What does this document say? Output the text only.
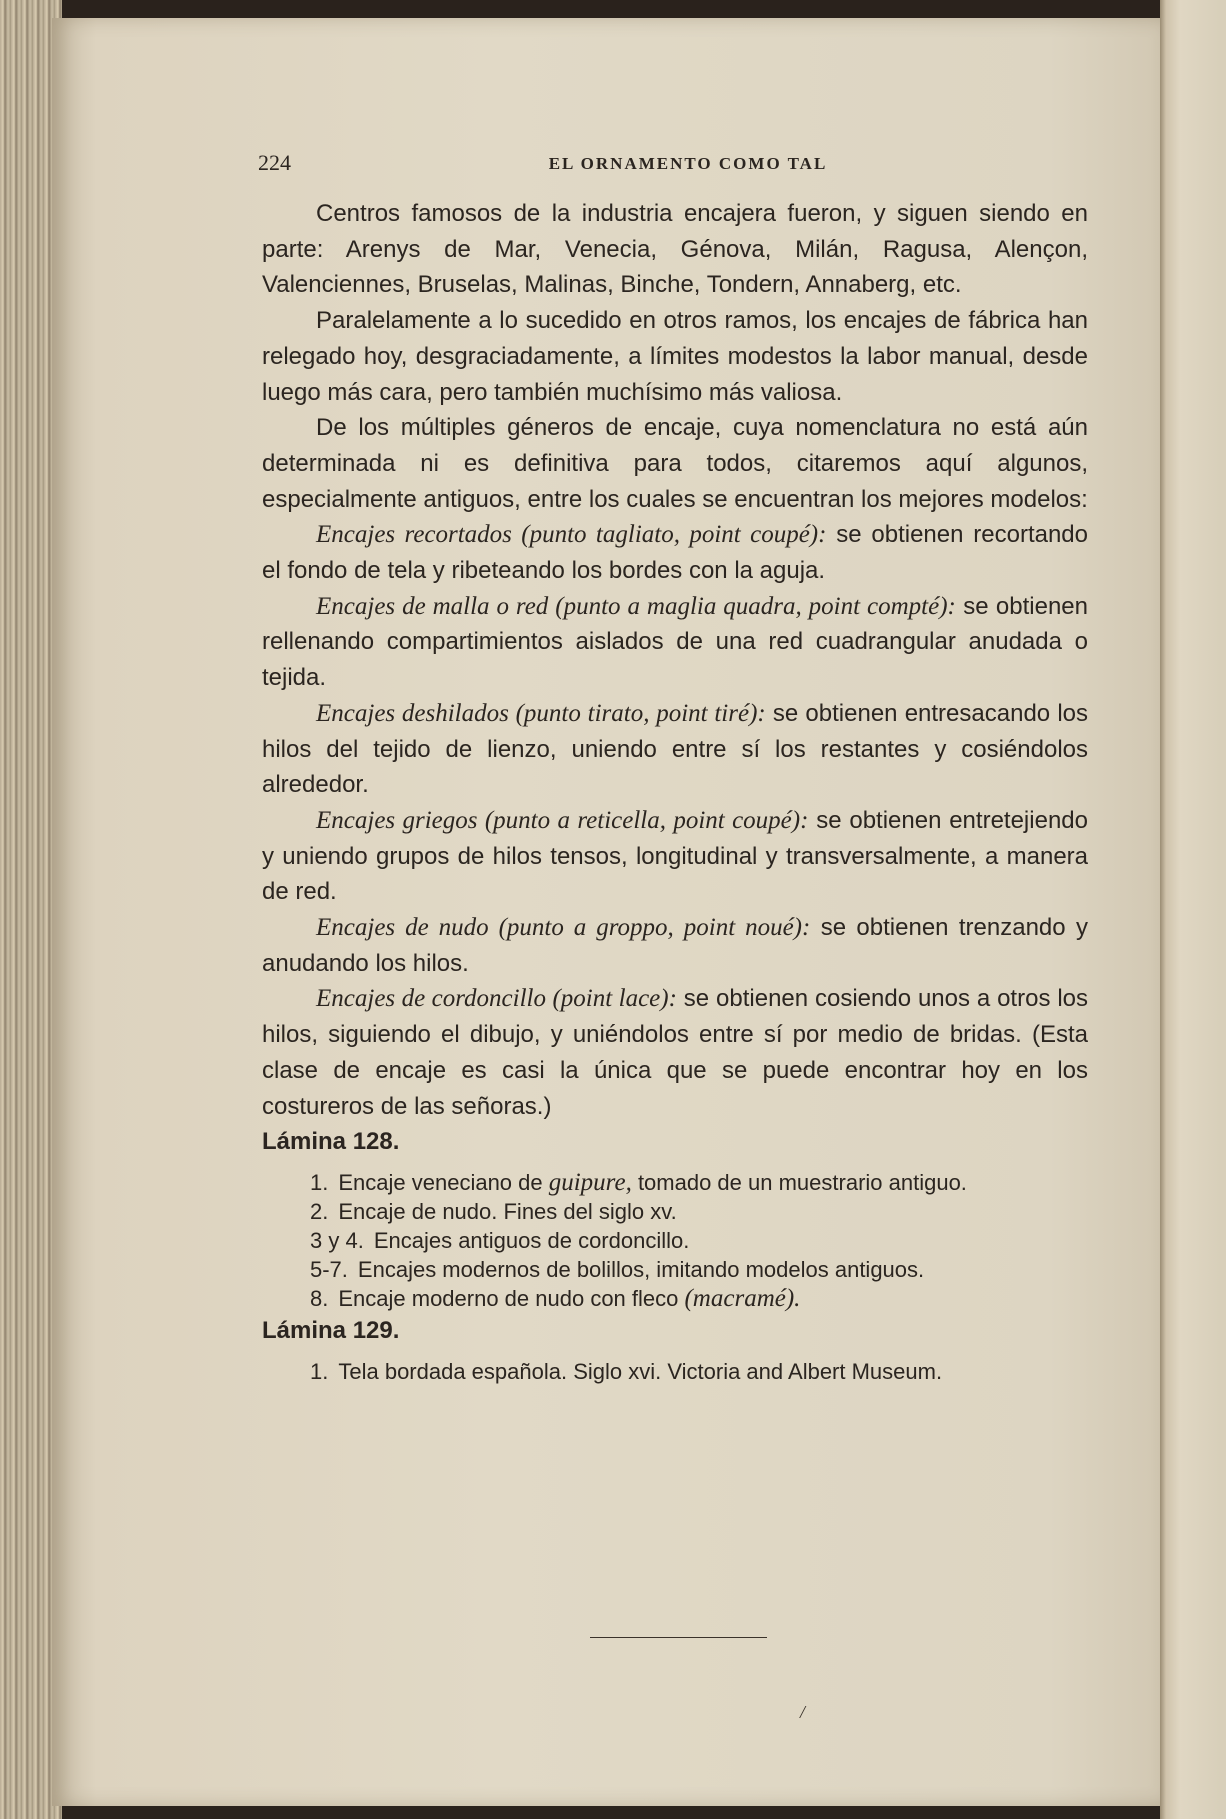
224	EL ORNAMENTO COMO TAL

Centros famosos de la industria encajera fueron, y siguen siendo en parte: Arenys de Mar, Venecia, Génova, Milán, Ragusa, Alençon, Valenciennes, Bruselas, Malinas, Binche, Tondern, Annaberg, etc.

Paralelamente a lo sucedido en otros ramos, los encajes de fábrica han relegado hoy, desgraciadamente, a límites modestos la labor manual, desde luego más cara, pero también muchísimo más valiosa.

De los múltiples géneros de encaje, cuya nomenclatura no está aún determinada ni es definitiva para todos, citaremos aquí algunos, especialmente antiguos, entre los cuales se encuentran los mejores modelos:

Encajes recortados (punto tagliato, point coupé): se obtienen recortando el fondo de tela y ribeteando los bordes con la aguja.

Encajes de malla o red (punto a maglia quadra, point compté): se obtienen rellenando compartimientos aislados de una red cuadrangular anudada o tejida.

Encajes deshilados (punto tirato, point tiré): se obtienen entresacando los hilos del tejido de lienzo, uniendo entre sí los restantes y cosiéndolos alrededor.

Encajes griegos (punto a reticella, point coupé): se obtienen entretejiendo y uniendo grupos de hilos tensos, longitudinal y transversalmente, a manera de red.

Encajes de nudo (punto a groppo, point noué): se obtienen trenzando y anudando los hilos.

Encajes de cordoncillo (point lace): se obtienen cosiendo unos a otros los hilos, siguiendo el dibujo, y uniéndolos entre sí por medio de bridas. (Esta clase de encaje es casi la única que se puede encontrar hoy en los costureros de las señoras.)

Lámina 128.

1. Encaje veneciano de guipure, tomado de un muestrario antiguo.
2. Encaje de nudo. Fines del siglo xv.
3 y 4. Encajes antiguos de cordoncillo.
5-7. Encajes modernos de bolillos, imitando modelos antiguos.
8. Encaje moderno de nudo con fleco (macramé).

Lámina 129.

1. Tela bordada española. Siglo xvi. Victoria and Albert Museum.
/
